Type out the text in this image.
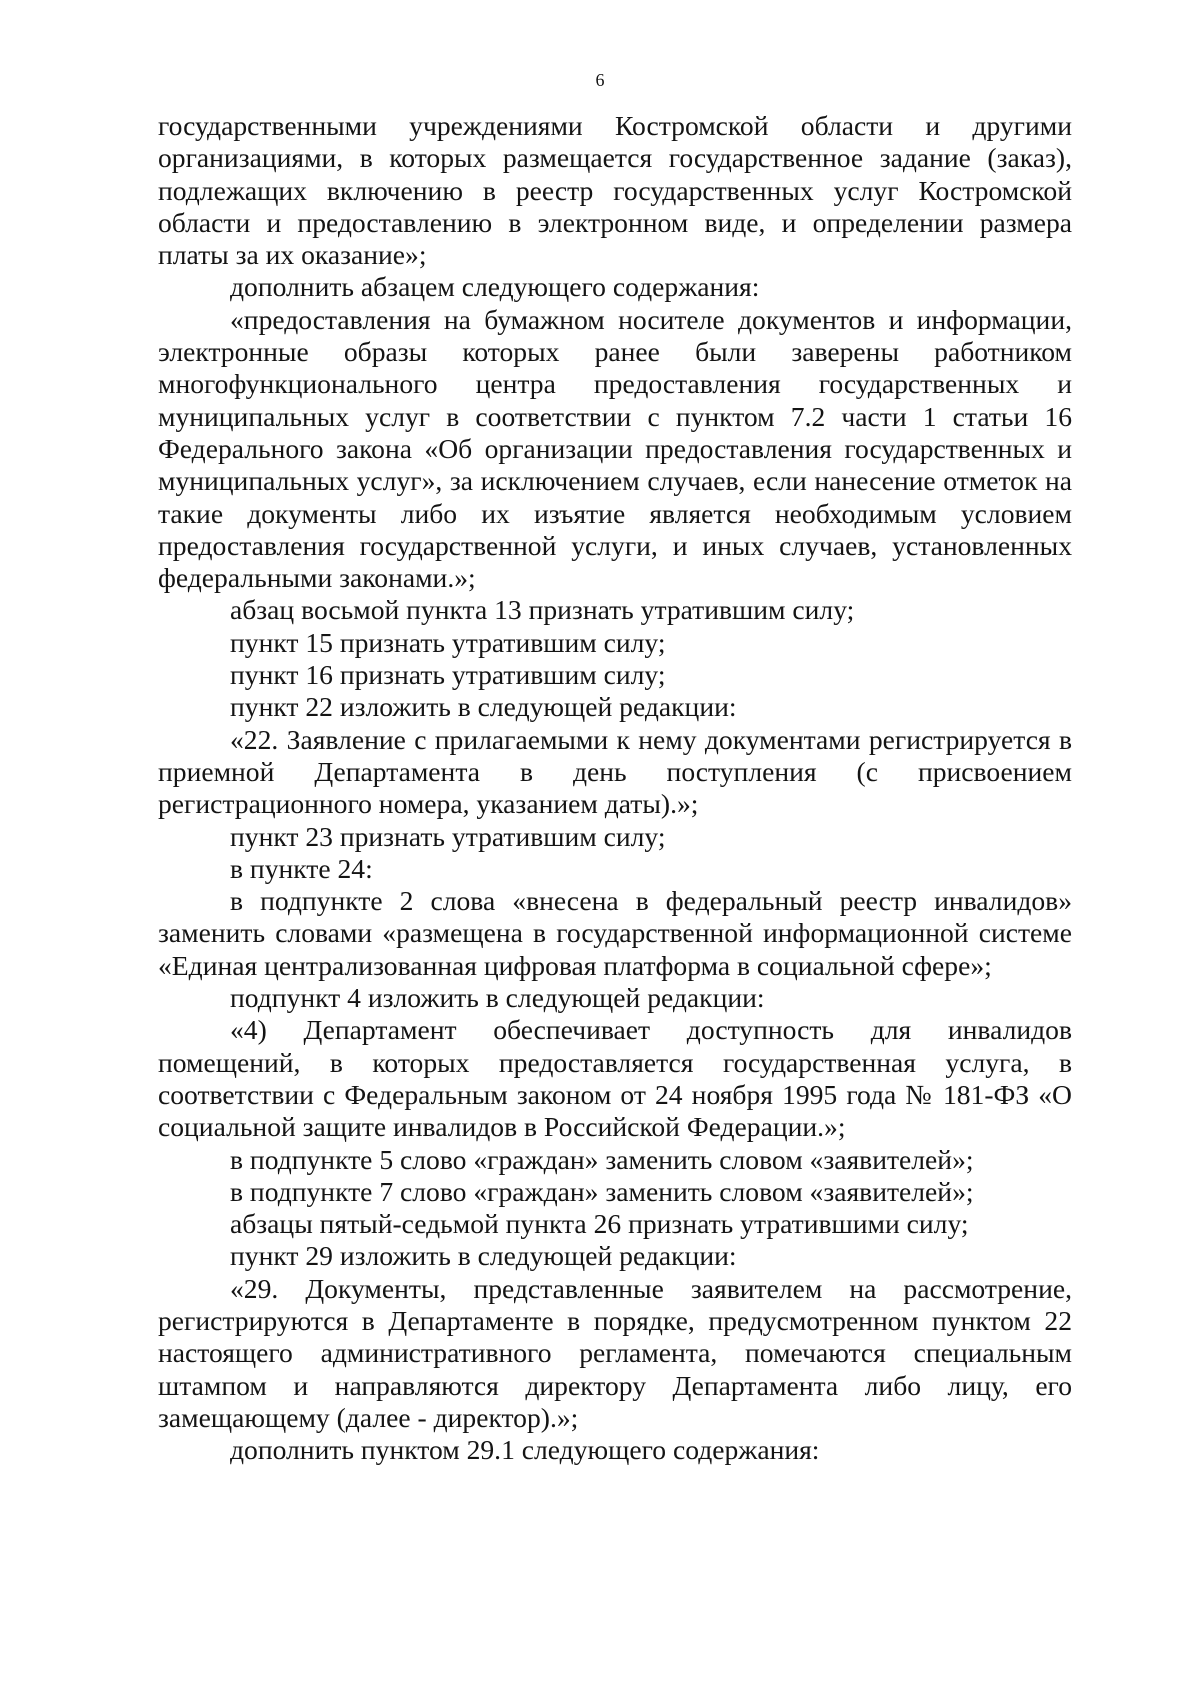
6

государственными учреждениями Костромской области и другими организациями, в которых размещается государственное задание (заказ), подлежащих включению в реестр государственных услуг Костромской области и предоставлению в электронном виде, и определении размера платы за их оказание»;

дополнить абзацем следующего содержания:

«предоставления на бумажном носителе документов и информации, электронные образы которых ранее были заверены работником многофункционального центра предоставления государственных и муниципальных услуг в соответствии с пунктом 7.2 части 1 статьи 16 Федерального закона «Об организации предоставления государственных и муниципальных услуг», за исключением случаев, если нанесение отметок на такие документы либо их изъятие является необходимым условием предоставления государственной услуги, и иных случаев, установленных федеральными законами.»;

абзац восьмой пункта 13 признать утратившим силу;

пункт 15 признать утратившим силу;

пункт 16 признать утратившим силу;

пункт 22 изложить в следующей редакции:

«22. Заявление с прилагаемыми к нему документами регистрируется в приемной Департамента в день поступления (с присвоением регистрационного номера, указанием даты).»;

пункт 23 признать утратившим силу;

в пункте 24:

в подпункте 2 слова «внесена в федеральный реестр инвалидов» заменить словами «размещена в государственной информационной системе «Единая централизованная цифровая платформа в социальной сфере»;

подпункт 4 изложить в следующей редакции:

«4) Департамент обеспечивает доступность для инвалидов помещений, в которых предоставляется государственная услуга, в соответствии с Федеральным законом от 24 ноября 1995 года № 181-ФЗ «О социальной защите инвалидов в Российской Федерации.»;

в подпункте 5 слово «граждан» заменить словом «заявителей»;

в подпункте 7 слово «граждан» заменить словом «заявителей»;

абзацы пятый-седьмой пункта 26 признать утратившими силу;

пункт 29 изложить в следующей редакции:

«29. Документы, представленные заявителем на рассмотрение, регистрируются в Департаменте в порядке, предусмотренном пунктом 22 настоящего административного регламента, помечаются специальным штампом и направляются директору Департамента либо лицу, его замещающему (далее - директор).»;

дополнить пунктом 29.1 следующего содержания:
